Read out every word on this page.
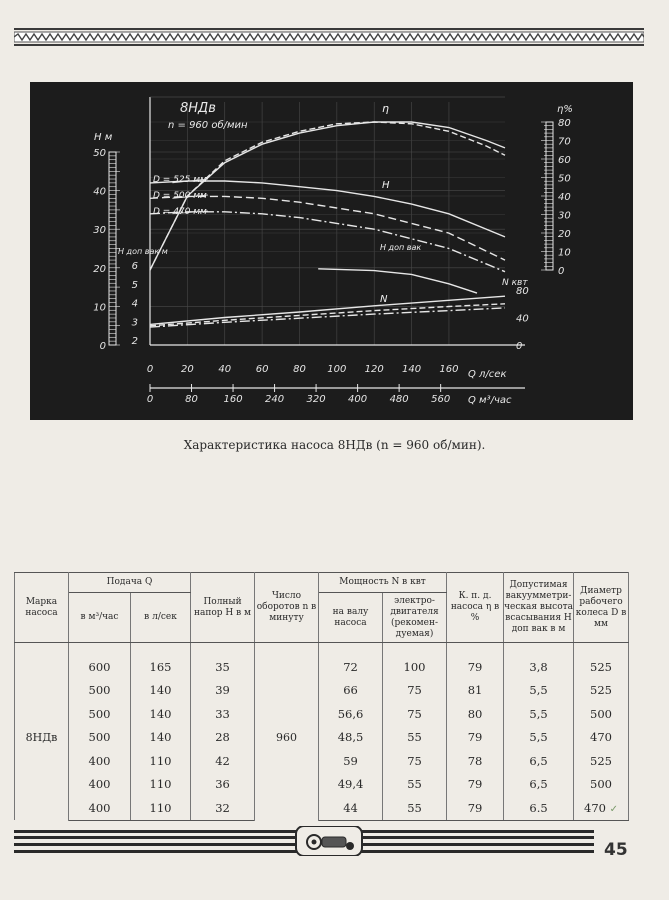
0	20 40 60 80 100 120 140 160
0	80	160 240 320 400 480 560
0
10
20
30
40
50
2
3
4
5
6	0
10
20
30
40
50
60
70
80
0
40
80
8НДв
n = 960 об/мин
H м
H доп вак м
η%
N квт
Q л/сек
Q м³/час
D = 525 мм
D = 500 мм
D = 470 мм
η
H
H доп вак
N
Характеристика насоса 8НДв (n = 960 об/мин).
Марка насоса	Подача Q		Полный напор H в м	Число оборотов n в минуту	Мощность N в квт		К. п. д. насоса η в %	Допустимая вакуумметри-ческая высота всасывания H доп вак в м	Диаметр рабочего колеса D в мм
	в м³/час	в л/сек			на валу насоса	электро-двигателя (рекомен-дуемая)			

8НДв	600	165	35	960	72	100	79	3,8	525
	500	140	39		66	75	81	5,5	525
	500	140	33		56,6	75	80	5,5	500
	500	140	28		48,5	55	79	5,5	470
	400	110	42		59	75	78	6,5	525
	400	110	36		49,4	55	79	6,5	500
	400	110	32		44	55	79	6.5	470 ✓
45
